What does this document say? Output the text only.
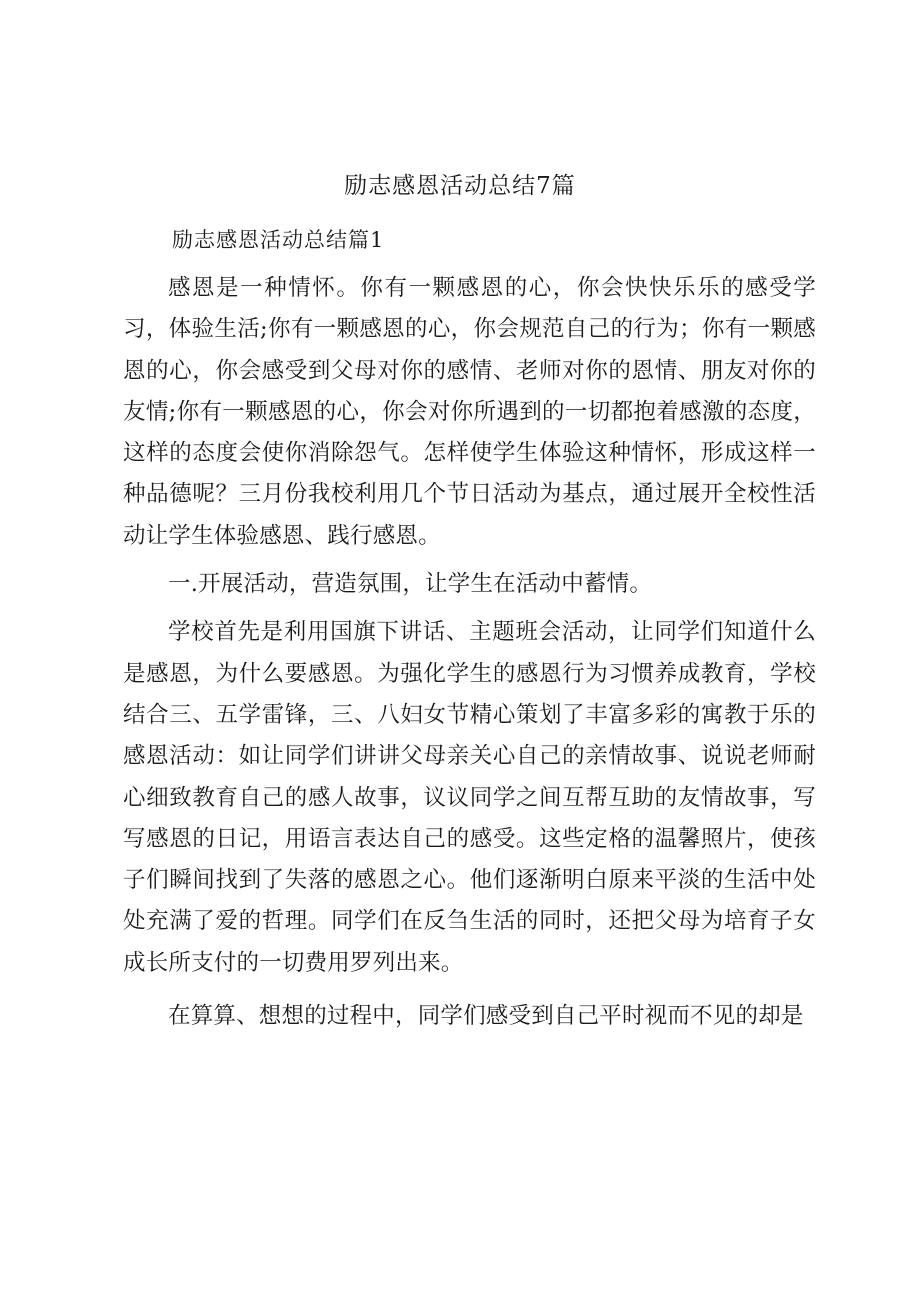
励志感恩活动总结7篇
励志感恩活动总结篇1

感恩是一种情怀。你有一颗感恩的心，你会快快乐乐的感受学习，体验生活;你有一颗感恩的心，你会规范自己的行为；你有一颗感恩的心，你会感受到父母对你的感情、老师对你的恩情、朋友对你的友情;你有一颗感恩的心，你会对你所遇到的一切都抱着感激的态度，这样的态度会使你消除怨气。怎样使学生体验这种情怀，形成这样一种品德呢？三月份我校利用几个节日活动为基点，通过展开全校性活动让学生体验感恩、践行感恩。

一.开展活动，营造氛围，让学生在活动中蓄情。

学校首先是利用国旗下讲话、主题班会活动，让同学们知道什么是感恩，为什么要感恩。为强化学生的感恩行为习惯养成教育，学校结合三、五学雷锋，三、八妇女节精心策划了丰富多彩的寓教于乐的感恩活动：如让同学们讲讲父母亲关心自己的亲情故事、说说老师耐心细致教育自己的感人故事，议议同学之间互帮互助的友情故事，写写感恩的日记，用语言表达自己的感受。这些定格的温馨照片，使孩子们瞬间找到了失落的感恩之心。他们逐渐明白原来平淡的生活中处处充满了爱的哲理。同学们在反刍生活的同时，还把父母为培育子女成长所支付的一切费用罗列出来。

在算算、想想的过程中，同学们感受到自己平时视而不见的却是
